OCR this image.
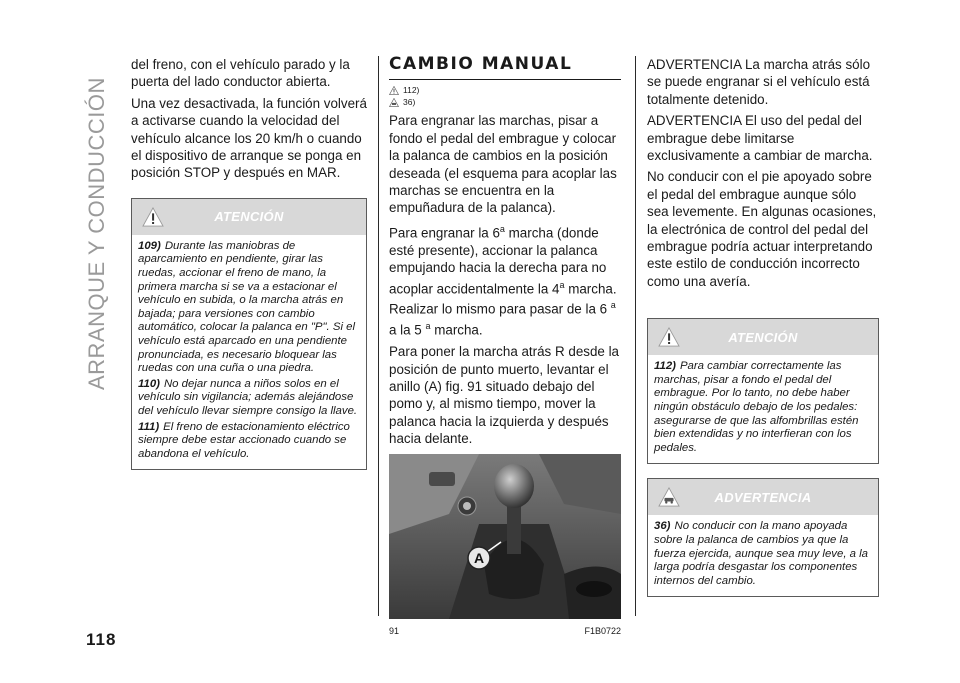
ARRANQUE Y CONDUCCIÓN
118

del freno, con el vehículo parado y la puerta del lado conductor abierta.

Una vez desactivada, la función volverá a activarse cuando la velocidad del vehículo alcance los 20 km/h o cuando el dispositivo de arranque se ponga en posición STOP y después en MAR.

ATENCIÓN
109) Durante las maniobras de aparcamiento en pendiente, girar las ruedas, accionar el freno de mano, la primera marcha si se va a estacionar el vehículo en subida, o la marcha atrás en bajada; para versiones con cambio automático, colocar la palanca en "P". Si el vehículo está aparcado en una pendiente pronunciada, es necesario bloquear las ruedas con una cuña o una piedra.
110) No dejar nunca a niños solos en el vehículo sin vigilancia; además alejándose del vehículo llevar siempre consigo la llave.
111) El freno de estacionamiento eléctrico siempre debe estar accionado cuando se abandona el vehículo.
CAMBIO MANUAL
112)
36)

Para engranar las marchas, pisar a fondo el pedal del embrague y colocar la palanca de cambios en la posición deseada (el esquema para acoplar las marchas se encuentra en la empuñadura de la palanca).

Para engranar la 6$^a$ marcha (donde esté presente), accionar la palanca empujando hacia la derecha para no acoplar accidentalmente la 4$^a$ marcha. Realizar lo mismo para pasar de la 6 $^a$ a la 5 $^a$ marcha.

Para poner la marcha atrás R desde la posición de punto muerto, levantar el anillo (A) fig. 91 situado debajo del pomo y, al mismo tiempo, mover la palanca hacia la izquierda y después hacia delante.

A
91	F1B0722

ADVERTENCIA La marcha atrás sólo se puede engranar si el vehículo está totalmente detenido.

ADVERTENCIA El uso del pedal del embrague debe limitarse exclusivamente a cambiar de marcha.

No conducir con el pie apoyado sobre el pedal del embrague aunque sólo sea levemente. En algunas ocasiones, la electrónica de control del pedal del embrague podría actuar interpretando este estilo de conducción incorrecto como una avería.

ATENCIÓN
112) Para cambiar correctamente las marchas, pisar a fondo el pedal del embrague. Por lo tanto, no debe haber ningún obstáculo debajo de los pedales: asegurarse de que las alfombrillas estén bien extendidas y no interfieran con los pedales.
ADVERTENCIA
36) No conducir con la mano apoyada sobre la palanca de cambios ya que la fuerza ejercida, aunque sea muy leve, a la larga podría desgastar los componentes internos del cambio.
